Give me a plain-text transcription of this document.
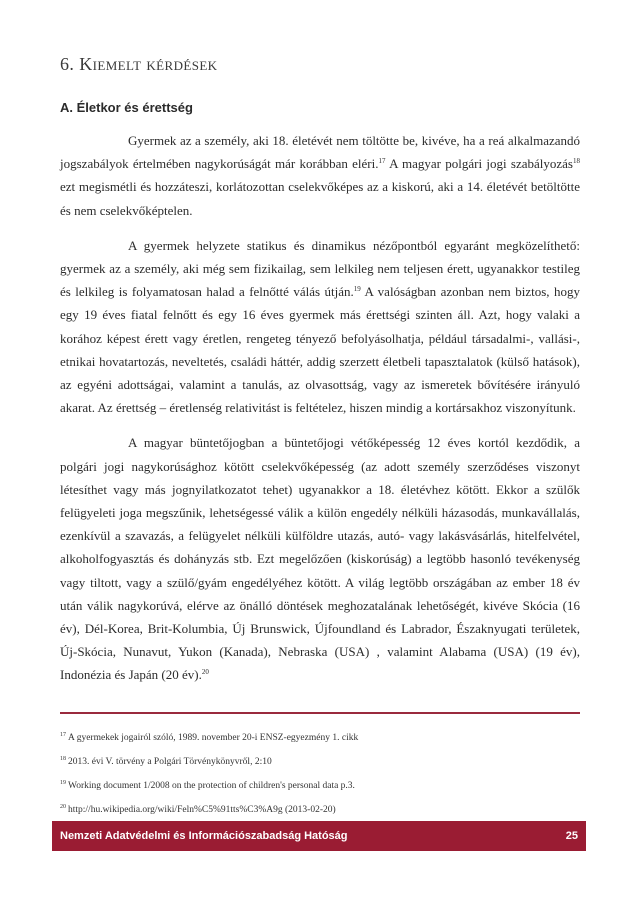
6. Kiemelt kérdések
A. Életkor és érettség

Gyermek az a személy, aki 18. életévét nem töltötte be, kivéve, ha a reá alkalmazandó jogszabályok értelmében nagykorúságát már korábban eléri.$^{17}$ A magyar polgári jogi szabályozás$^{18}$ ezt megismétli és hozzáteszi, korlátozottan cselekvőképes az a kiskorú, aki a 14. életévét betöltötte és nem cselekvőképtelen.

A gyermek helyzete statikus és dinamikus nézőpontból egyaránt megközelíthető: gyermek az a személy, aki még sem fizikailag, sem lelkileg nem teljesen érett, ugyanakkor testileg és lelkileg is folyamatosan halad a felnőtté válás útján.$^{19}$ A valóságban azonban nem biztos, hogy egy 19 éves fiatal felnőtt és egy 16 éves gyermek más érettségi szinten áll. Azt, hogy valaki a korához képest érett vagy éretlen, rengeteg tényező befolyásolhatja, például társadalmi-, vallási-, etnikai hovatartozás, neveltetés, családi háttér, addig szerzett életbeli tapasztalatok (külső hatások), az egyéni adottságai, valamint a tanulás, az olvasottság, vagy az ismeretek bővítésére irányuló akarat. Az érettség – éretlenség relativitást is feltételez, hiszen mindig a kortársakhoz viszonyítunk.

A magyar büntetőjogban a büntetőjogi vétőképesség 12 éves kortól kezdődik, a polgári jogi nagykorúsághoz kötött cselekvőképesség (az adott személy szerződéses viszonyt létesíthet vagy más jognyilatkozatot tehet) ugyanakkor a 18. életévhez kötött. Ekkor a szülők felügyeleti joga megszűnik, lehetségessé válik a külön engedély nélküli házasodás, munkavállalás, ezenkívül a szavazás, a felügyelet nélküli külföldre utazás, autó- vagy lakásvásárlás, hitelfelvétel, alkoholfogyasztás és dohányzás stb. Ezt megelőzően (kiskorúság) a legtöbb hasonló tevékenység vagy tiltott, vagy a szülő/gyám engedélyéhez kötött. A világ legtöbb országában az ember 18 év után válik nagykorúvá, elérve az önálló döntések meghozatalának lehetőségét, kivéve Skócia (16 év), Dél-Korea, Brit-Kolumbia, Új Brunswick, Újfoundland és Labrador, Északnyugati területek, Új-Skócia, Nunavut, Yukon (Kanada), Nebraska (USA) , valamint Alabama (USA) (19 év), Indonézia és Japán (20 év).$^{20}$

$^{17}$ A gyermekek jogairól szóló, 1989. november 20-i ENSZ-egyezmény 1. cikk
$^{18}$ 2013. évi V. törvény a Polgári Törvénykönyvről, 2:10
$^{19}$ Working document 1/2008 on the protection of children's personal data p.3.
$^{20}$ http://hu.wikipedia.org/wiki/Feln%C5%91tts%C3%A9g (2013-02-20)
Nemzeti Adatvédelmi és Információszabadság Hatóság	25
